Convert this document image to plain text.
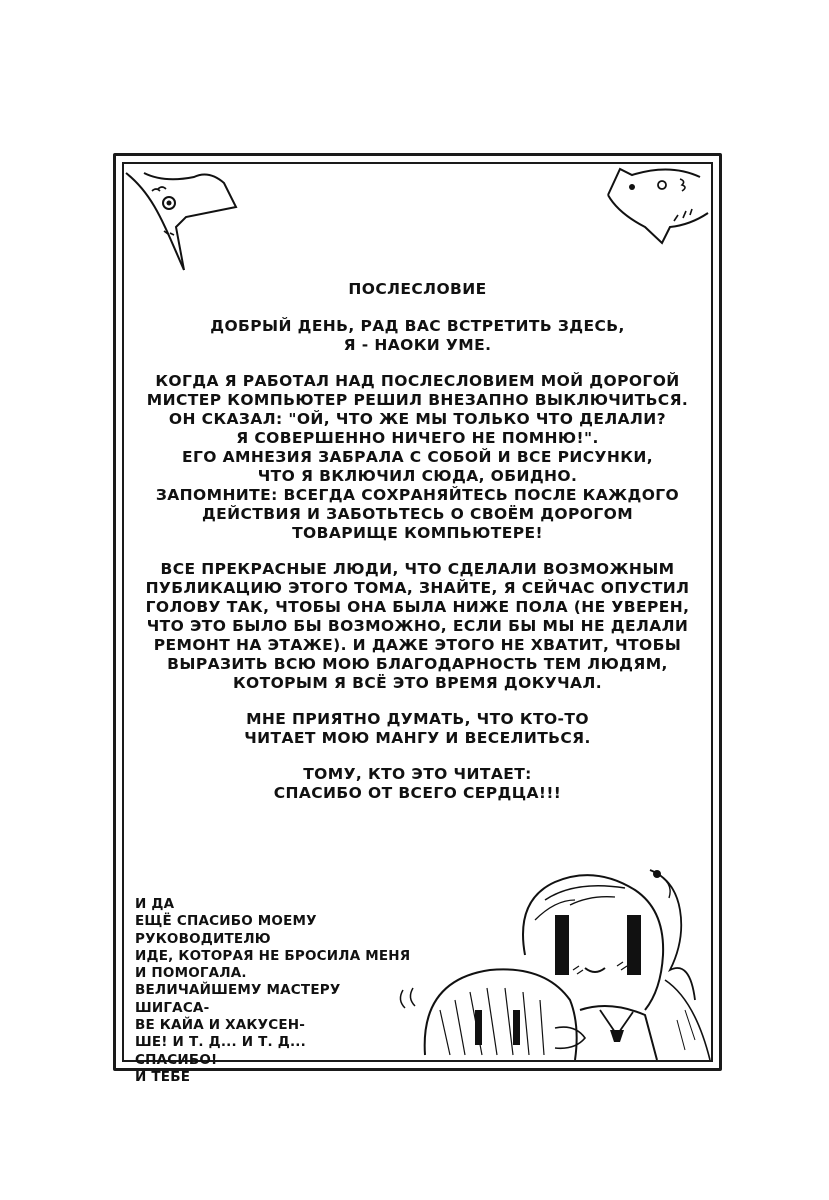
ПОСЛЕСЛОВИЕ
ДОБРЫЙ ДЕНЬ, РАД ВАС ВСТРЕТИТЬ ЗДЕСЬ,
Я - НАОКИ УМЕ.
КОГДА Я РАБОТАЛ НАД ПОСЛЕСЛОВИЕМ МОЙ ДОРОГОЙ
МИСТЕР КОМПЬЮТЕР РЕШИЛ ВНЕЗАПНО ВЫКЛЮЧИТЬСЯ.
ОН СКАЗАЛ: "ОЙ, ЧТО ЖЕ МЫ ТОЛЬКО ЧТО ДЕЛАЛИ?
Я СОВЕРШЕННО НИЧЕГО НЕ ПОМНЮ!".
ЕГО АМНЕЗИЯ ЗАБРАЛА С СОБОЙ И ВСЕ РИСУНКИ,
ЧТО Я ВКЛЮЧИЛ СЮДА, ОБИДНО.
ЗАПОМНИТЕ: ВСЕГДА СОХРАНЯЙТЕСЬ ПОСЛЕ КАЖДОГО
ДЕЙСТВИЯ И ЗАБОТЬТЕСЬ О СВОЁМ ДОРОГОМ
ТОВАРИЩЕ КОМПЬЮТЕРЕ!
ВСЕ ПРЕКРАСНЫЕ ЛЮДИ, ЧТО СДЕЛАЛИ ВОЗМОЖНЫМ
ПУБЛИКАЦИЮ ЭТОГО ТОМА, ЗНАЙТЕ, Я СЕЙЧАС ОПУСТИЛ
ГОЛОВУ ТАК, ЧТОБЫ ОНА БЫЛА НИЖЕ ПОЛА (НЕ УВЕРЕН,
ЧТО ЭТО БЫЛО БЫ ВОЗМОЖНО, ЕСЛИ БЫ МЫ НЕ ДЕЛАЛИ
РЕМОНТ НА ЭТАЖЕ). И ДАЖЕ ЭТОГО НЕ ХВАТИТ, ЧТОБЫ
ВЫРАЗИТЬ ВСЮ МОЮ БЛАГОДАРНОСТЬ ТЕМ ЛЮДЯМ,
КОТОРЫМ Я ВСЁ ЭТО ВРЕМЯ ДОКУЧАЛ.
МНЕ ПРИЯТНО ДУМАТЬ, ЧТО КТО-ТО
ЧИТАЕТ МОЮ МАНГУ И ВЕСЕЛИТЬСЯ.
ТОМУ, КТО ЭТО ЧИТАЕТ:
СПАСИБО ОТ ВСЕГО СЕРДЦА!!!
И ДА
ЕЩЁ СПАСИБО МОЕМУ РУКОВОДИТЕЛЮ
ИДЕ, КОТОРАЯ НЕ БРОСИЛА МЕНЯ
И ПОМОГАЛА.
ВЕЛИЧАЙШЕМУ МАСТЕРУ ШИГАСА-
ВЕ КАЙА И ХАКУСЕН-
ШЕ! И Т. Д... И Т. Д...
СПАСИБО!
И ТЕБЕ
